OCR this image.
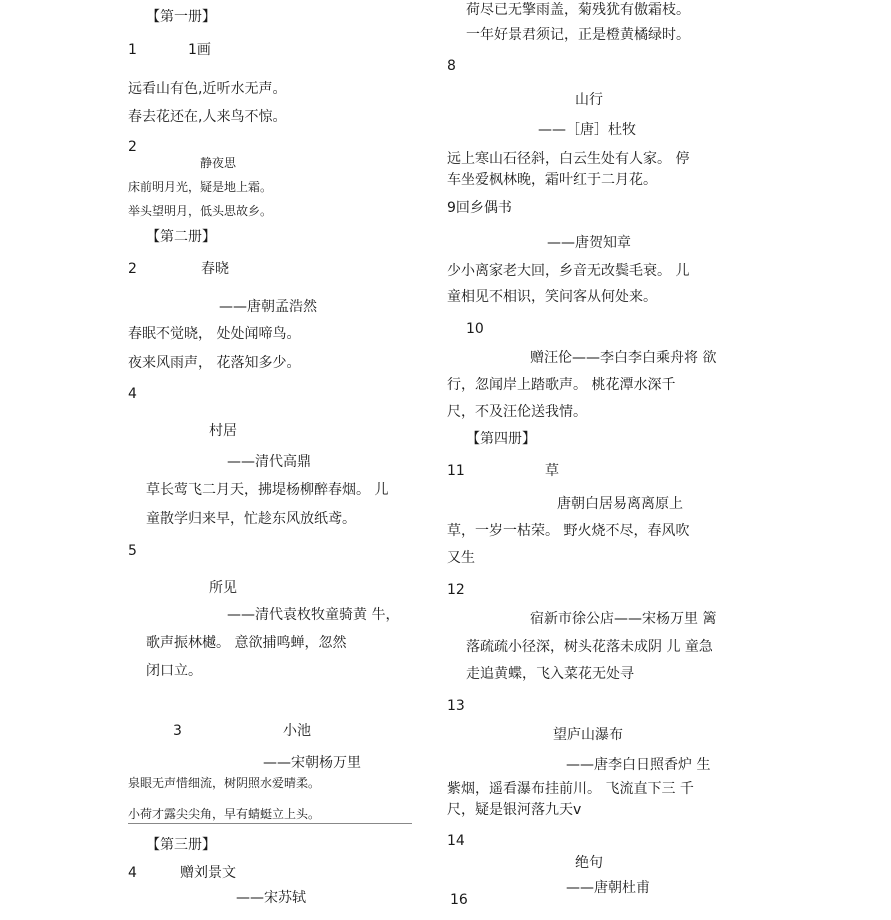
【第一册】
1	1画
远看山有色,近听水无声。
春去花还在,人来鸟不惊。
2
静夜思
床前明月光，疑是地上霜。
举头望明月，低头思故乡。
【第二册】
2	春晓
——唐朝孟浩然
春眠不觉晓， 处处闻啼鸟。
夜来风雨声， 花落知多少。
4
村居
——清代高鼎
草长莺飞二月天，拂堤杨柳醉春烟。 儿
童散学归来早，忙趁东风放纸鸢。
5
所见
——清代袁枚牧童骑黄 牛，
歌声振林樾。 意欲捕鸣蝉，忽然
闭口立。
3	小池
——宋朝杨万里
泉眼无声惜细流，树阴照水爱晴柔。
小荷才露尖尖角，早有蜻蜓立上头。
【第三册】
4	赠刘景文
——宋苏轼
荷尽已无擎雨盖，菊残犹有傲霜枝。
一年好景君须记，正是橙黄橘绿时。
8
山行
——［唐］杜牧
远上寒山石径斜，白云生处有人家。 停
车坐爱枫林晚，霜叶红于二月花。
9回乡偶书
——唐贺知章
少小离家老大回，乡音无改鬓毛衰。 儿
童相见不相识，笑问客从何处来。
10
赠汪伦——李白李白乘舟将 欲
行，忽闻岸上踏歌声。 桃花潭水深千
尺，不及汪伦送我情。
【第四册】
11	草
唐朝白居易离离原上
草，一岁一枯荣。 野火烧不尽，春风吹
又生
12
宿新市徐公店——宋杨万里 篱
落疏疏小径深，树头花落未成阴 儿 童急
走追黄蝶，飞入菜花无处寻
13
望庐山瀑布
——唐李白日照香炉 生
紫烟，遥看瀑布挂前川。 飞流直下三 千
尺，疑是银河落九天v
14
绝句
——唐朝杜甫
16
